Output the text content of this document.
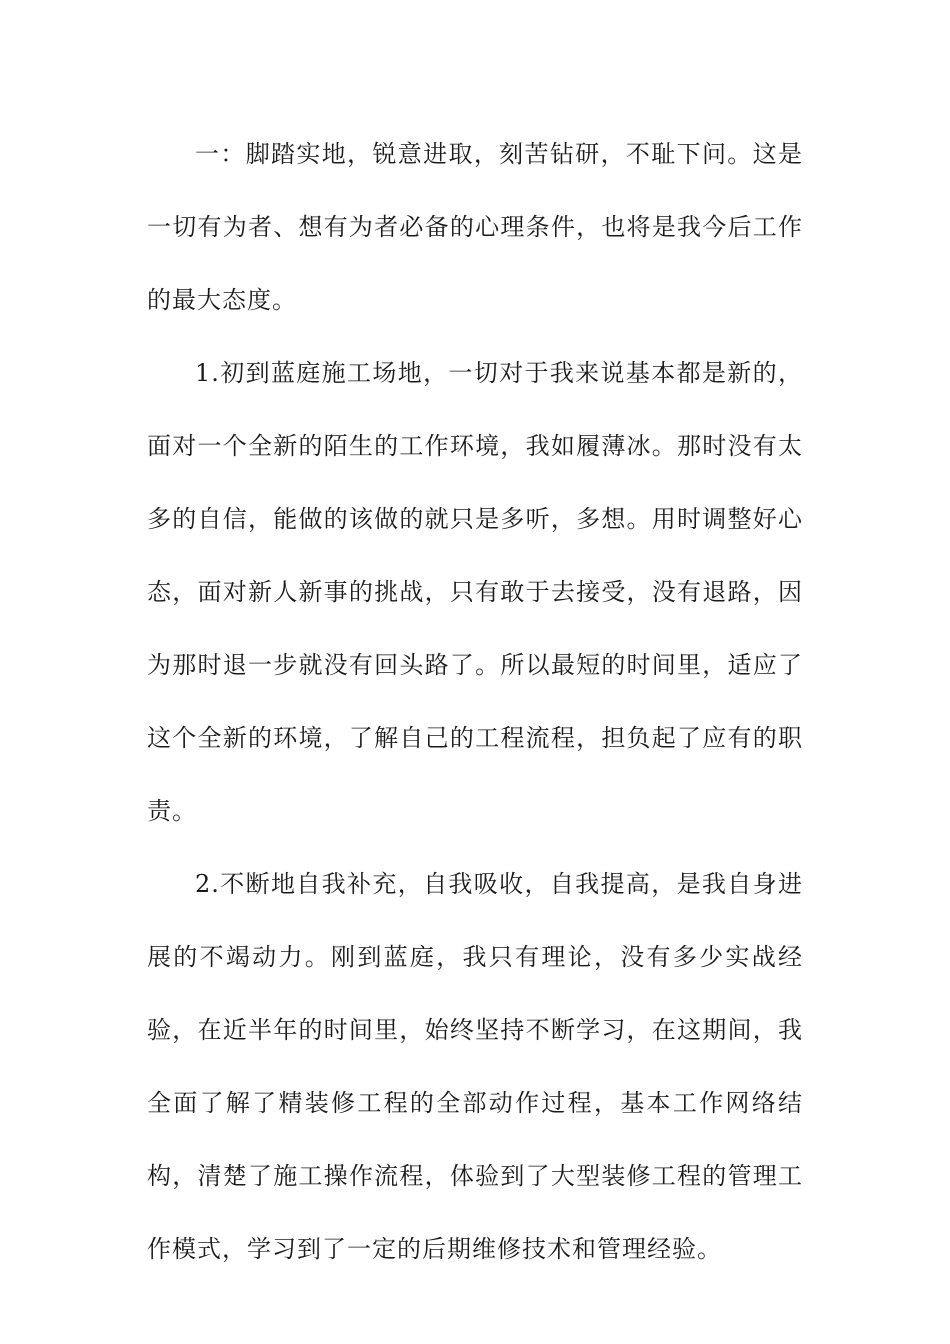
一：脚踏实地，锐意进取，刻苦钻研，不耻下问。这是一切有为者、想有为者必备的心理条件，也将是我今后工作的最大态度。

1.初到蓝庭施工场地，一切对于我来说基本都是新的，面对一个全新的陌生的工作环境，我如履薄冰。那时没有太多的自信，能做的该做的就只是多听，多想。用时调整好心态，面对新人新事的挑战，只有敢于去接受，没有退路，因为那时退一步就没有回头路了。所以最短的时间里，适应了这个全新的环境，了解自己的工程流程，担负起了应有的职责。

2.不断地自我补充，自我吸收，自我提高，是我自身进展的不竭动力。刚到蓝庭，我只有理论，没有多少实战经验，在近半年的时间里，始终坚持不断学习，在这期间，我全面了解了精装修工程的全部动作过程，基本工作网络结构，清楚了施工操作流程，体验到了大型装修工程的管理工作模式，学习到了一定的后期维修技术和管理经验。
